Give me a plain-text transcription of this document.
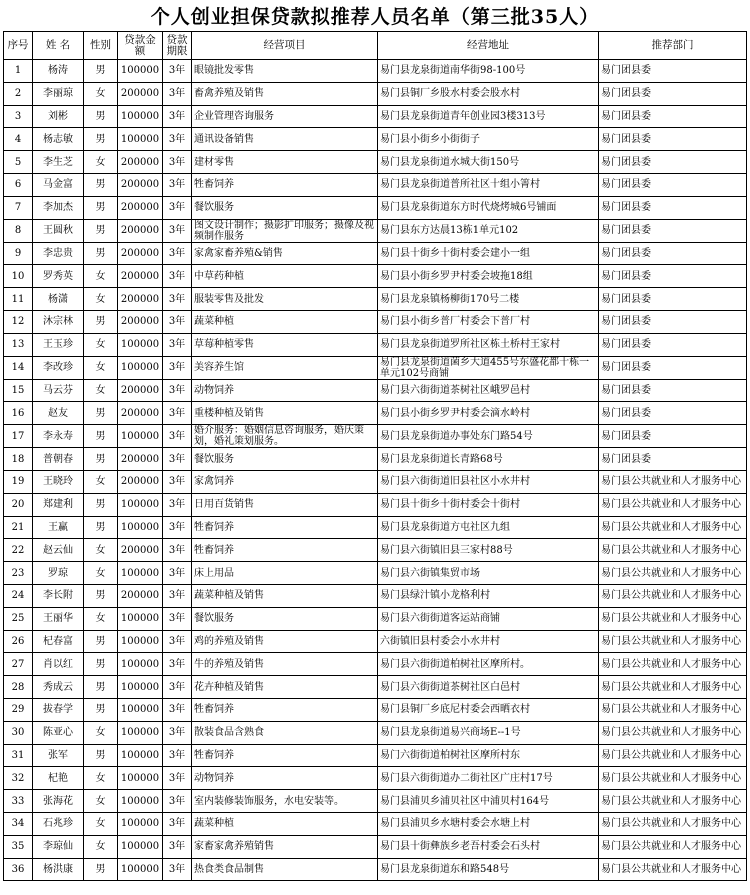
个人创业担保贷款拟推荐人员名单（第三批35人）
序号	姓 名	性别	贷款金额	贷款期限	经营项目	经营地址	推荐部门
1	杨涛	男	100000	3年	眼镜批发零售	易门县龙泉街道南华街98-100号	易门团县委
2	李丽琼	女	200000	3年	畜禽养殖及销售	易门县铜厂乡股水村委会股水村	易门团县委
3	刘彬	男	100000	3年	企业管理咨询服务	易门县龙泉街道青年创业园3楼313号	易门团县委
4	杨志敏	男	100000	3年	通讯设备销售	易门县小街乡小街街子	易门团县委
5	李生芝	女	200000	3年	建材零售	易门县龙泉街道水城大街150号	易门团县委
6	马金富	男	200000	3年	牲畜饲养	易门县龙泉街道普所社区十组小箐村	易门团县委
7	李加杰	男	200000	3年	餐饮服务	易门县龙泉街道东方时代烧烤城6号铺面	易门团县委
8	王圆秋	男	200000	3年	图文设计制作；摄影扩印服务；摄像及视频制作服务	易门县东方达晨13栋1单元102	易门团县委
9	李忠贵	男	200000	3年	家禽家畜养殖&销售	易门县十街乡十街村委会建小一组	易门团县委
10	罗秀英	女	200000	3年	中草药种植	易门县小街乡罗尹村委会坡拖18组	易门团县委
11	杨潇	女	200000	3年	服装零售及批发	易门县龙泉镇杨柳街170号二楼	易门团县委
12	沐宗林	男	200000	3年	蔬菜种植	易门县小街乡普厂村委会下普厂村	易门团县委
13	王玉珍	女	100000	3年	草莓种植零售	易门县龙泉街道罗所社区栋土桥村王家村	易门团县委
14	李改珍	女	100000	3年	美容养生馆	易门县龙泉街道菌乡大道455号东盛花都十栋一单元102号商铺	易门团县委
15	马云芬	女	200000	3年	动物饲养	易门县六街街道茶树社区峨罗邑村	易门团县委
16	赵友	男	200000	3年	重楼种植及销售	易门县小街乡罗尹村委会滴水岭村	易门团县委
17	李永寿	男	100000	3年	婚介服务：婚姻信息咨询服务，婚庆策划，婚礼策划服务。	易门县龙泉街道办事处东门路54号	易门团县委
18	普朝春	男	200000	3年	餐饮服务	易门县龙泉街道长青路68号	易门团县委
19	王晓玲	女	200000	3年	家禽饲养	易门县六街街道旧县社区小水井村	易门县公共就业和人才服务中心
20	郑建利	男	100000	3年	日用百货销售	易门县十街乡十街村委会十街村	易门县公共就业和人才服务中心
21	王赢	男	100000	3年	牲畜饲养	易门县龙泉街道方屯社区九组	易门县公共就业和人才服务中心
22	赵云仙	女	200000	3年	牲畜饲养	易门县六街镇旧县三家村88号	易门县公共就业和人才服务中心
23	罗琼	女	100000	3年	床上用品	易门县六街镇集贸市场	易门县公共就业和人才服务中心
24	李长附	男	200000	3年	蔬菜种植及销售	易门县绿汁镇小龙格利村	易门县公共就业和人才服务中心
25	王丽华	女	100000	3年	餐饮服务	易门县六街街道客运站商铺	易门县公共就业和人才服务中心
26	杞春富	男	100000	3年	鸡的养殖及销售	六街镇旧县村委会小水井村	易门县公共就业和人才服务中心
27	肖以红	男	100000	3年	牛的养殖及销售	易门县六街街道柏树社区摩所村。	易门县公共就业和人才服务中心
28	秀成云	男	100000	3年	花卉种植及销售	易门县六街街道茶树社区白邑村	易门县公共就业和人才服务中心
29	拔春学	男	100000	3年	牲畜饲养	易门县铜厂乡底尼村委会西晒衣村	易门县公共就业和人才服务中心
30	陈亚心	女	100000	3年	散装食品含熟食	易门县龙泉街道易兴商场E--1号	易门县公共就业和人才服务中心
31	张军	男	100000	3年	牲畜饲养	易门六街街道柏树社区摩所村东	易门县公共就业和人才服务中心
32	杞艳	女	100000	3年	动物饲养	易门县六街街道办二街社区广庄村17号	易门县公共就业和人才服务中心
33	张海花	女	100000	3年	室内装修装饰服务，水电安装等。	易门县浦贝乡浦贝社区中浦贝村164号	易门县公共就业和人才服务中心
34	石兆珍	女	100000	3年	蔬菜种植	易门县浦贝乡水塘村委会水塘上村	易门县公共就业和人才服务中心
35	李琼仙	女	100000	3年	家畜家禽养殖销售	易门县十街彝族乡老吾村委会石头村	易门县公共就业和人才服务中心
36	杨洪康	男	100000	3年	热食类食品制售	易门县龙泉街道东和路548号	易门县公共就业和人才服务中心
